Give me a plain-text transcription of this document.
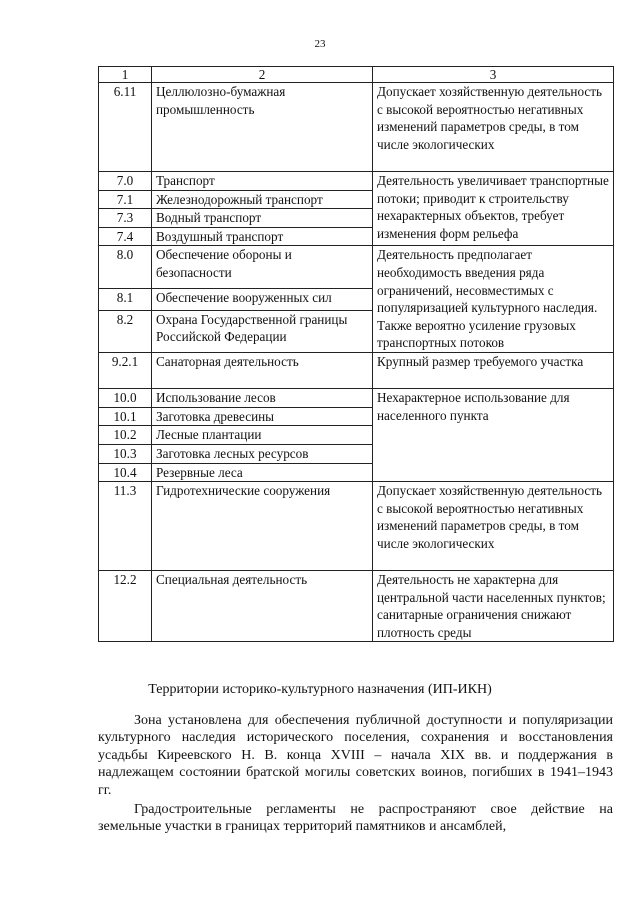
23
1	2	3
6.11	Целлюлозно-бумажная промышленность	Допускает хозяйственную деятельность с высокой вероятностью негативных изменений параметров среды, в том числе экологических

7.0	Транспорт	Деятельность увеличивает транспортные потоки; приводит к строительству нехарактерных объектов, требует изменения форм рельефа

7.1	Железнодорожный транспорт	
7.3	Водный транспорт	
7.4	Воздушный транспорт	
8.0	Обеспечение обороны и безопасности	Деятельность предполагает необходимость введения ряда ограничений, несовместимых с популяризацией культурного наследия. Также вероятно усиление грузовых транспортных потоков

8.1	Обеспечение вооруженных сил	
8.2	Охрана Государственной границы Российской Федерации	
9.2.1	Санаторная деятельность	Крупный размер требуемого участка

10.0	Использование лесов	Нехарактерное использование для населенного пункта

10.1	Заготовка древесины	
10.2	Лесные плантации	
10.3	Заготовка лесных ресурсов	
10.4	Резервные леса	
11.3	Гидротехнические сооружения	Допускает хозяйственную деятельность с высокой вероятностью негативных изменений параметров среды, в том числе экологических

12.2	Специальная деятельность	Деятельность не характерна для центральной части населенных пунктов; санитарные ограничения снижают плотность среды
Территории историко-культурного назначения (ИП-ИКН)

Зона установлена для обеспечения публичной доступности и популяризации культурного наследия исторического поселения, сохранения и восстановления усадьбы Киреевского Н. В. конца XVIII – начала XIX вв. и поддержания в надлежащем состоянии братской могилы советских воинов, погибших в 1941–1943 гг.

Градостроительные регламенты не распространяют свое действие на земельные участки в границах территорий памятников и ансамблей,
